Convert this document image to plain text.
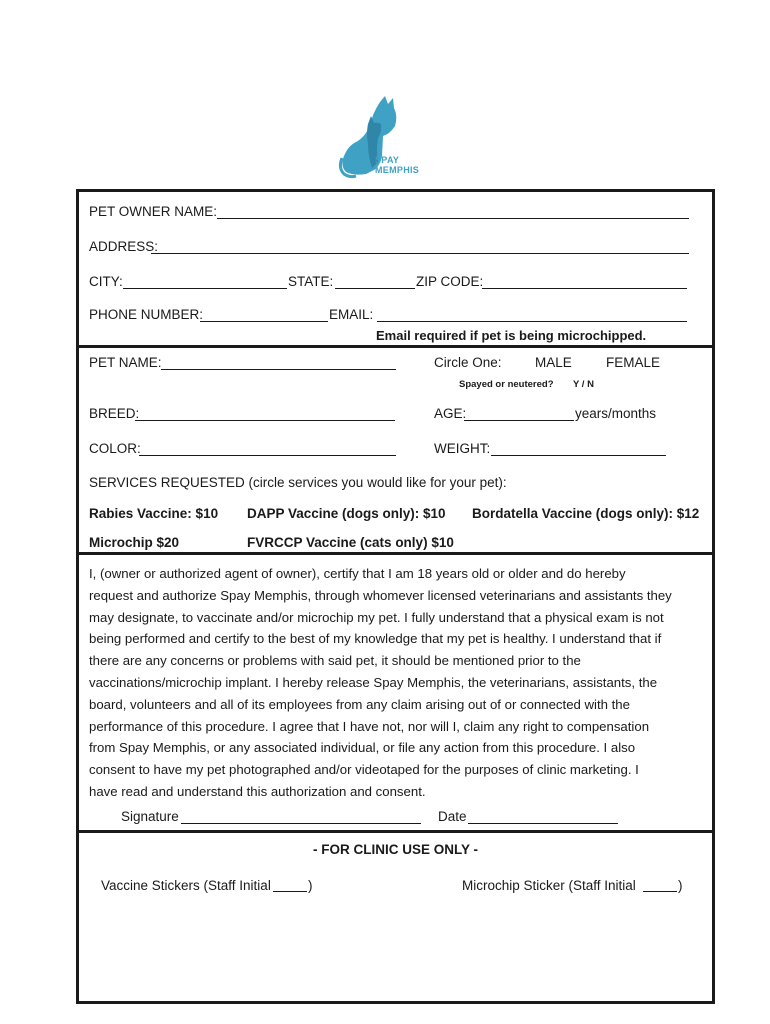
SPAY
MEMPHIS
PET OWNER NAME:
ADDRESS:
CITY:	STATE:	ZIP CODE:
PHONE NUMBER:	EMAIL:
Email required if pet is being microchipped.
PET NAME:	Circle One: MALE	FEMALE
Spayed or neutered? Y / N
BREED:	AGE:	years/months
COLOR:	WEIGHT:
SERVICES REQUESTED (circle services you would like for your pet):
Rabies Vaccine: $10 DAPP Vaccine (dogs only): $10 Bordatella Vaccine (dogs only): $12
Microchip $20	FVRCCP Vaccine (cats only) $10
I, (owner or authorized agent of owner), certify that I am 18 years old or older and do hereby
request and authorize Spay Memphis, through whomever licensed veterinarians and assistants they
may designate, to vaccinate and/or microchip my pet. I fully understand that a physical exam is not
being performed and certify to the best of my knowledge that my pet is healthy. I understand that if
there are any concerns or problems with said pet, it should be mentioned prior to the
vaccinations/microchip implant. I hereby release Spay Memphis, the veterinarians, assistants, the
board, volunteers and all of its employees from any claim arising out of or connected with the
performance of this procedure. I agree that I have not, nor will I, claim any right to compensation
from Spay Memphis, or any associated individual, or file any action from this procedure. I also
consent to have my pet photographed and/or videotaped for the purposes of clinic marketing. I
have read and understand this authorization and consent.
Signature	Date
- FOR CLINIC USE ONLY -
Vaccine Stickers (Staff Initial	)	Microchip Sticker (Staff Initial	)
